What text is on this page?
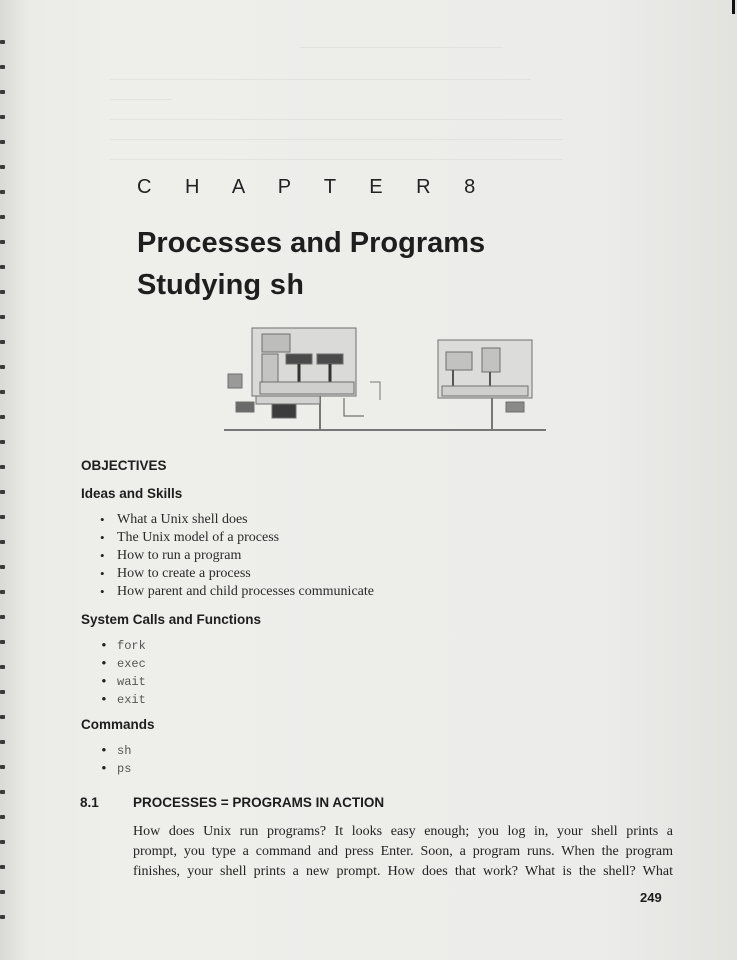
──────────────────────────
──────────────────────────────────────────────────────
────────
──────────────────────────────────────────────────────────
──────────────────────────────────────────────────────────
──────────────────────────────────────────────────────────
C H A P T E R 8
Processes and Programs
Studying sh
OBJECTIVES
Ideas and Skills
• What a Unix shell does
• The Unix model of a process
• How to run a program
• How to create a process
• How parent and child processes communicate
System Calls and Functions
• fork
• exec
• wait
• exit
Commands
• sh
• ps
8.1	PROCESSES = PROGRAMS IN ACTION
How does Unix run programs? It looks easy enough; you log in, your shell prints a
prompt, you type a command and press Enter. Soon, a program runs. When the program
finishes, your shell prints a new prompt. How does that work? What is the shell? What
249
